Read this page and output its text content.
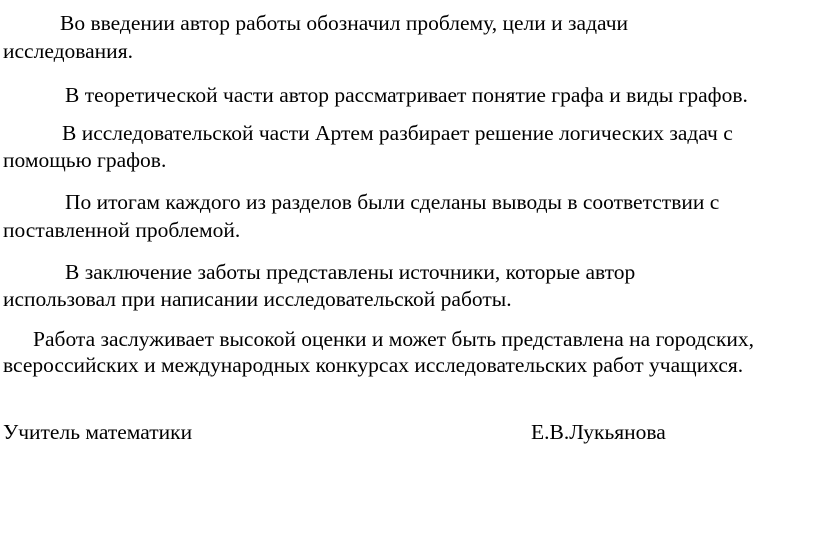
Во введении автор работы обозначил проблему, цели и задачи

исследования.

В теоретической части автор рассматривает понятие графа и виды графов.

В исследовательской части Артем разбирает решение логических задач с

помощью графов.

По итогам каждого из разделов были сделаны выводы в соответствии с

поставленной проблемой.

В заключение заботы представлены источники, которые автор

использовал при написании исследовательской работы.

Работа заслуживает высокой оценки и может быть представлена на городских,

всероссийских и международных конкурсах исследовательских работ учащихся.

Учитель математики	Е.В.Лукьянова
